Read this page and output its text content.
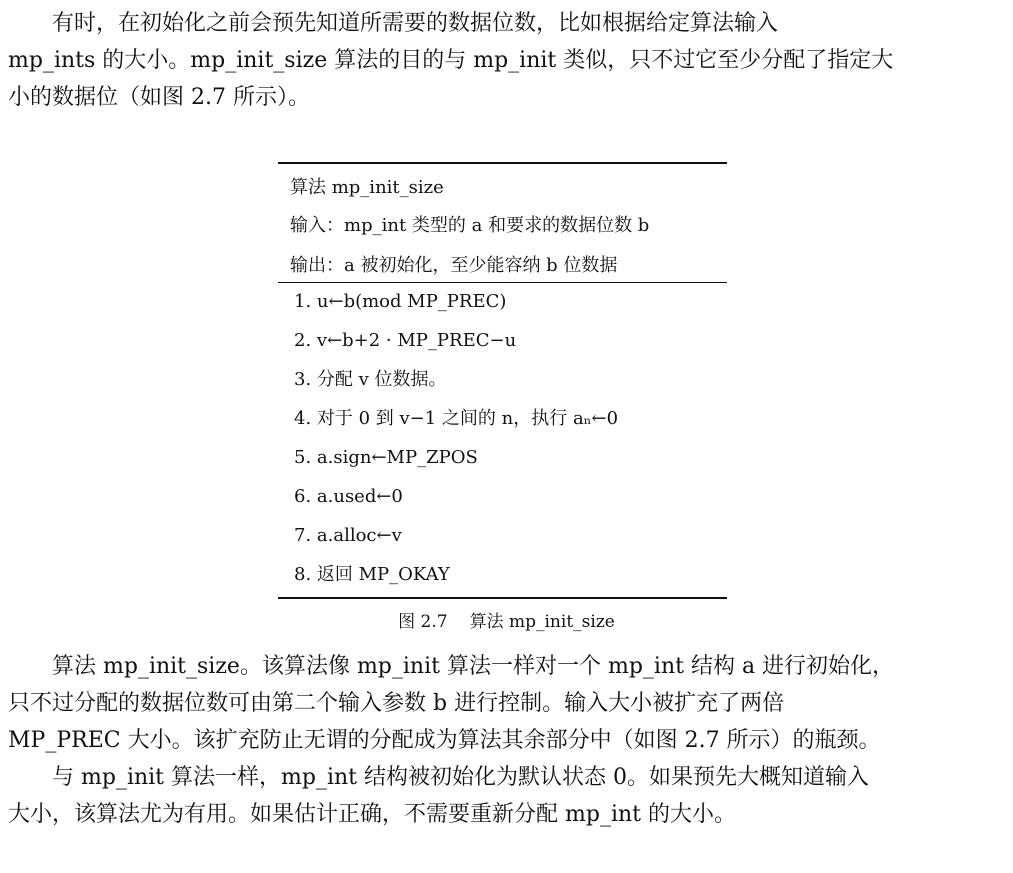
　　有时，在初始化之前会预先知道所需要的数据位数，比如根据给定算法输入
mp_ints 的大小。mp_init_size 算法的目的与 mp_init 类似，只不过它至少分配了指定大
小的数据位（如图 2.7 所示）。

算法 mp_init_size
输入：mp_int 类型的 a 和要求的数据位数 b
输出：a 被初始化，至少能容纳 b 位数据
1. u←b(mod MP_PREC)
2. v←b+2 · MP_PREC−u
3. 分配 v 位数据。
4. 对于 0 到 v−1 之间的 n，执行 aₙ←0
5. a.sign←MP_ZPOS
6. a.used←0
7. a.alloc←v
8. 返回 MP_OKAY
图 2.7 算法 mp_init_size

　　算法 mp_init_size。该算法像 mp_init 算法一样对一个 mp_int 结构 a 进行初始化，
只不过分配的数据位数可由第二个输入参数 b 进行控制。输入大小被扩充了两倍
MP_PREC 大小。该扩充防止无谓的分配成为算法其余部分中（如图 2.7 所示）的瓶颈。

　　与 mp_init 算法一样，mp_int 结构被初始化为默认状态 0。如果预先大概知道输入
大小，该算法尤为有用。如果估计正确，不需要重新分配 mp_int 的大小。
